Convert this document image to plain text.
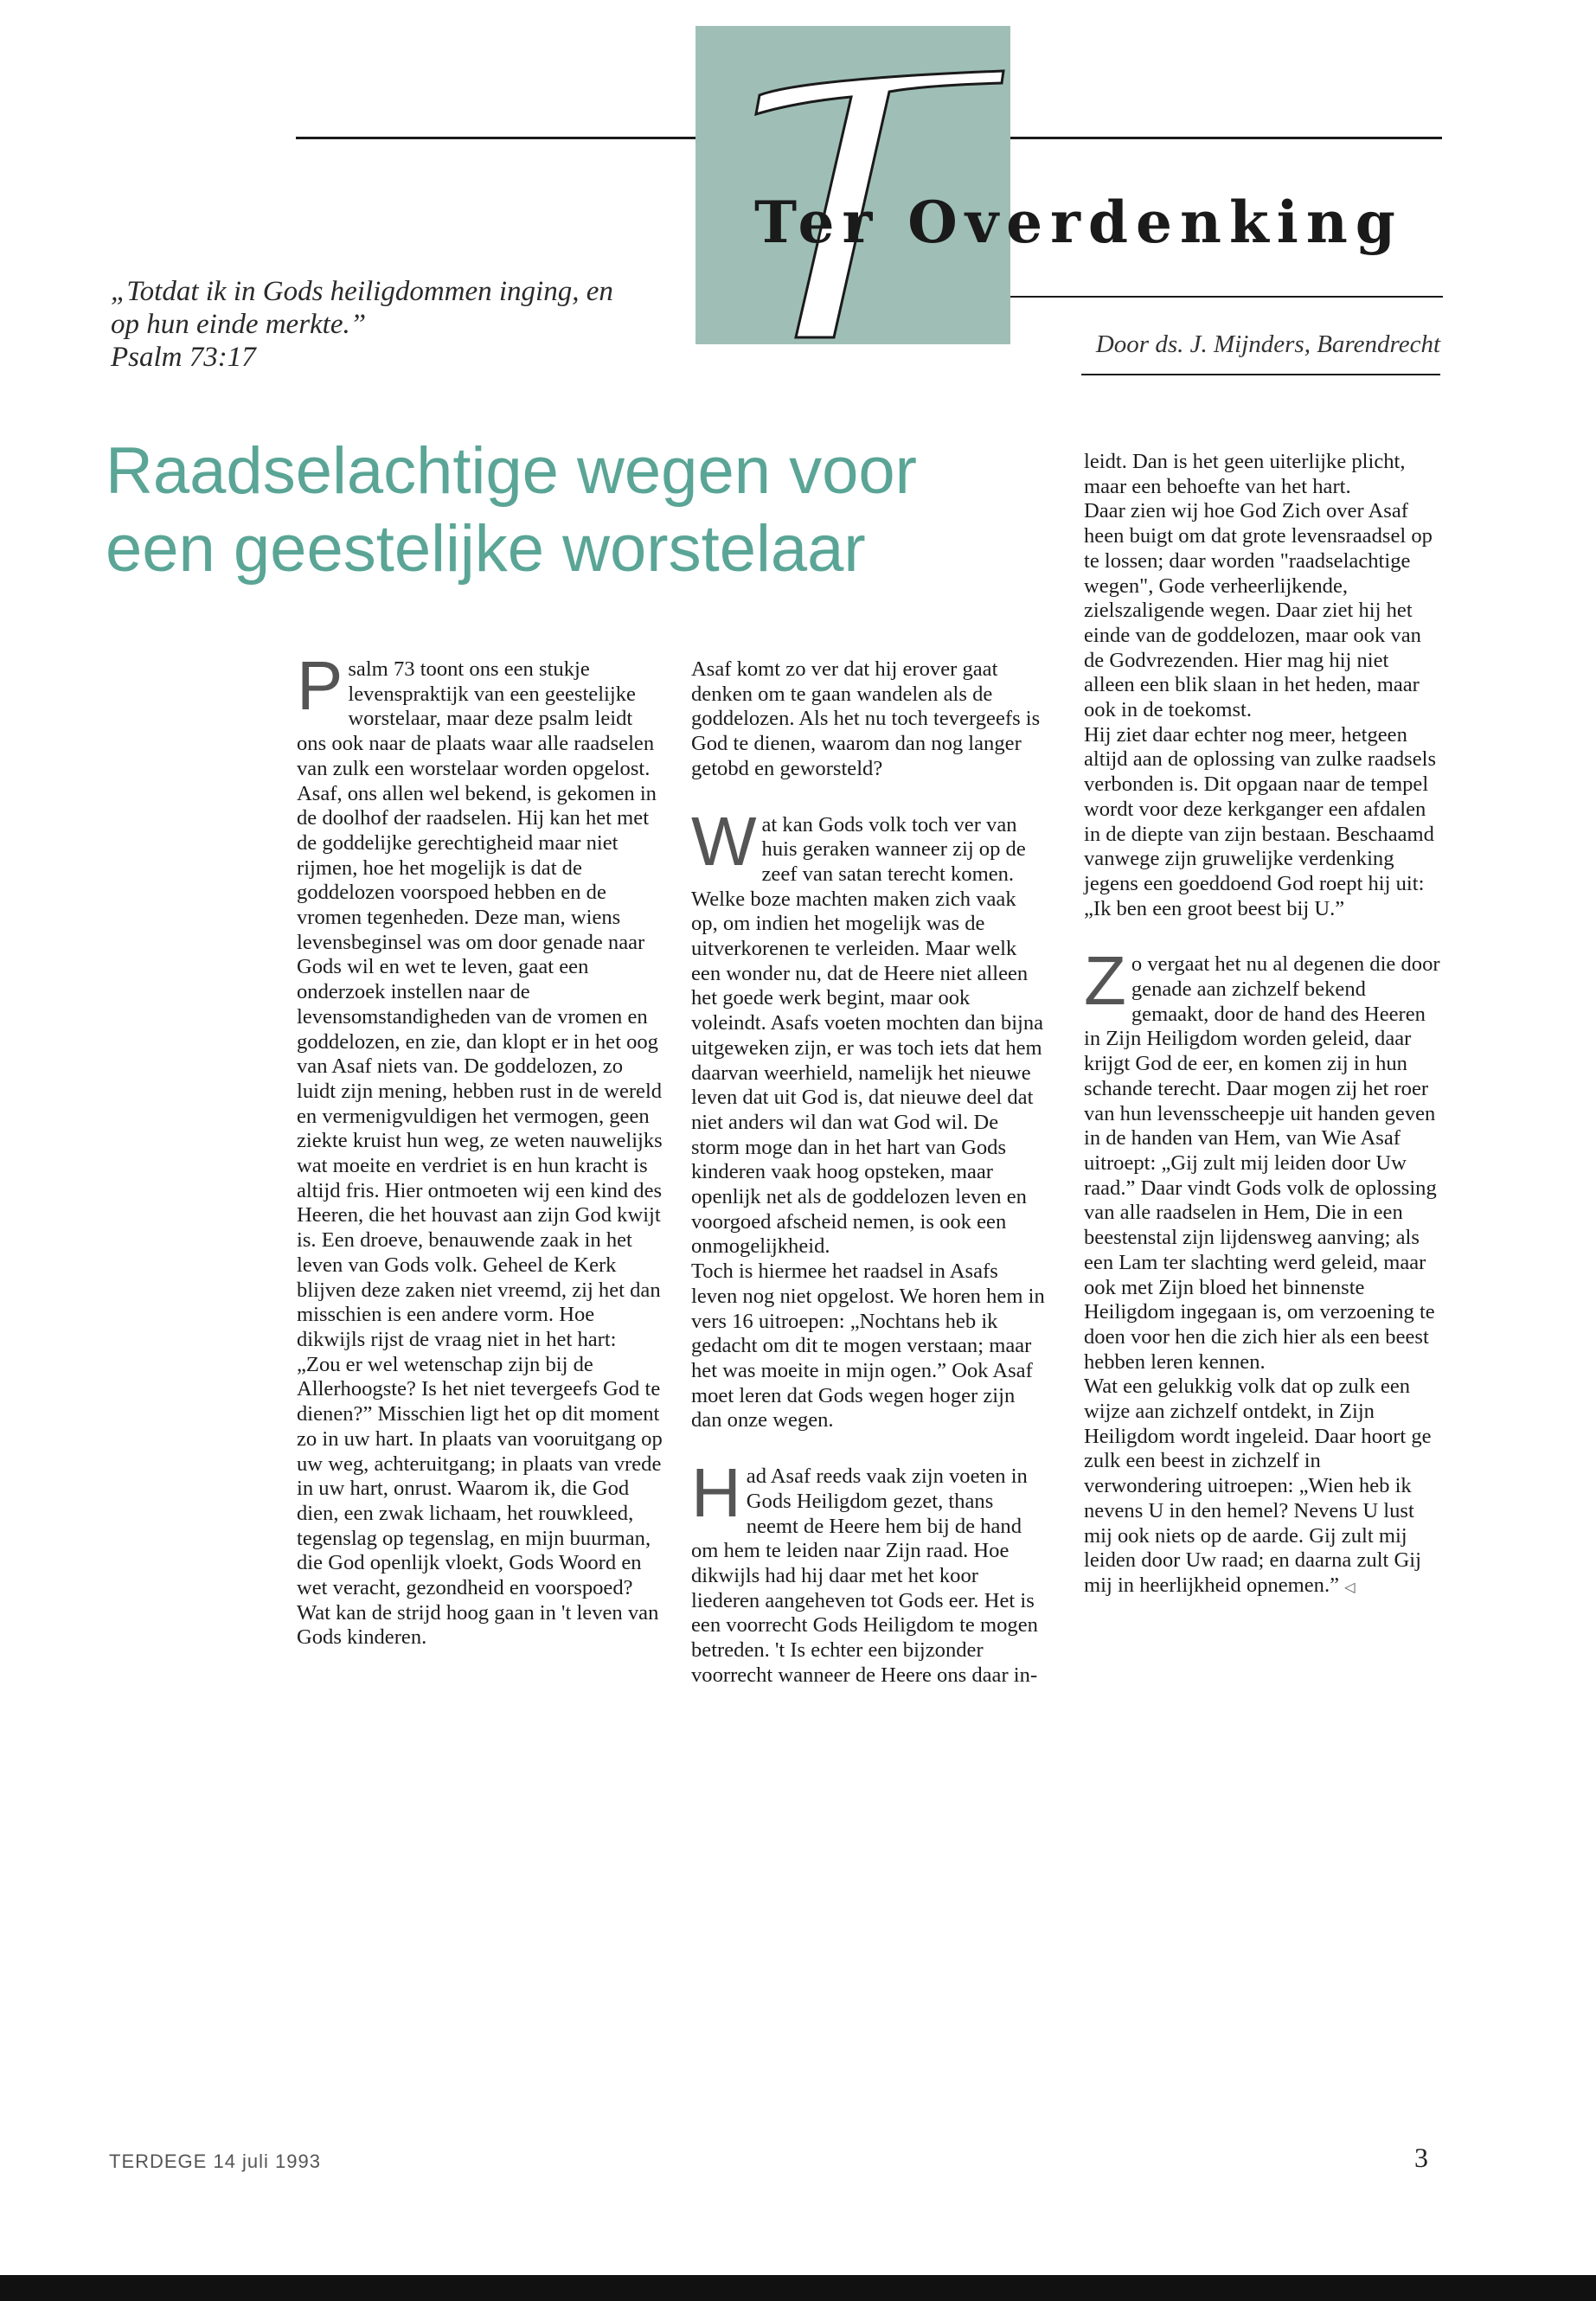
Ter Overdenking
„Totdat ik in Gods heiligdommen inging, en op hun einde merkte.”
Psalm 73:17	Door ds. J. Mijnders, Barendrecht
Raadselachtige wegen voor
een geestelijke worstelaar

Psalm 73 toont ons een stukje levenspraktijk van een geestelijke worstelaar, maar deze psalm leidt ons ook naar de plaats waar alle raadselen van zulk een worstelaar worden opgelost. Asaf, ons allen wel bekend, is gekomen in de doolhof der raadselen. Hij kan het met de goddelijke gerechtigheid maar niet rijmen, hoe het mogelijk is dat de goddelozen voorspoed hebben en de vromen tegenheden. Deze man, wiens levensbeginsel was om door genade naar Gods wil en wet te leven, gaat een onderzoek instellen naar de levensomstandigheden van de vromen en goddelozen, en zie, dan klopt er in het oog van Asaf niets van. De goddelozen, zo luidt zijn mening, hebben rust in de wereld en vermenigvuldigen het vermogen, geen ziekte kruist hun weg, ze weten nauwelijks wat moeite en verdriet is en hun kracht is altijd fris. Hier ontmoeten wij een kind des Heeren, die het houvast aan zijn God kwijt is. Een droeve, benauwende zaak in het leven van Gods volk. Geheel de Kerk blijven deze zaken niet vreemd, zij het dan misschien is een andere vorm. Hoe dikwijls rijst de vraag niet in het hart: „Zou er wel wetenschap zijn bij de Allerhoogste? Is het niet tevergeefs God te dienen?” Misschien ligt het op dit moment zo in uw hart. In plaats van vooruitgang op uw weg, achteruitgang; in plaats van vrede in uw hart, onrust. Waarom ik, die God dien, een zwak lichaam, het rouwkleed, tegenslag op tegenslag, en mijn buurman, die God openlijk vloekt, Gods Woord en wet veracht, gezondheid en voorspoed? Wat kan de strijd hoog gaan in 't leven van Gods kinderen.

Asaf komt zo ver dat hij erover gaat denken om te gaan wandelen als de goddelozen. Als het nu toch tevergeefs is God te dienen, waarom dan nog langer getobd en geworsteld?

Wat kan Gods volk toch ver van huis geraken wanneer zij op de zeef van satan terecht komen. Welke boze machten maken zich vaak op, om indien het mogelijk was de uitverkorenen te verleiden. Maar welk een wonder nu, dat de Heere niet alleen het goede werk begint, maar ook voleindt. Asafs voeten mochten dan bijna uitgeweken zijn, er was toch iets dat hem daarvan weerhield, namelijk het nieuwe leven dat uit God is, dat nieuwe deel dat niet anders wil dan wat God wil. De storm moge dan in het hart van Gods kinderen vaak hoog opsteken, maar openlijk net als de goddelozen leven en voorgoed afscheid nemen, is ook een onmogelijkheid.

Toch is hiermee het raadsel in Asafs leven nog niet opgelost. We horen hem in vers 16 uitroepen: „Nochtans heb ik gedacht om dit te mogen verstaan; maar het was moeite in mijn ogen.” Ook Asaf moet leren dat Gods wegen hoger zijn dan onze wegen.

Had Asaf reeds vaak zijn voeten in Gods Heiligdom gezet, thans neemt de Heere hem bij de hand om hem te leiden naar Zijn raad. Hoe dikwijls had hij daar met het koor liederen aangeheven tot Gods eer. Het is een voorrecht Gods Heiligdom te mogen betreden. 't Is echter een bijzonder voorrecht wanneer de Heere ons daar in-

leidt. Dan is het geen uiterlijke plicht, maar een behoefte van het hart.

Daar zien wij hoe God Zich over Asaf heen buigt om dat grote levensraadsel op te lossen; daar worden "raadselachtige wegen", Gode verheerlijkende, zielszaligende wegen. Daar ziet hij het einde van de goddelozen, maar ook van de Godvrezenden. Hier mag hij niet alleen een blik slaan in het heden, maar ook in de toekomst.

Hij ziet daar echter nog meer, hetgeen altijd aan de oplossing van zulke raadsels verbonden is. Dit opgaan naar de tempel wordt voor deze kerkganger een afdalen in de diepte van zijn bestaan. Beschaamd vanwege zijn gruwelijke verdenking jegens een goeddoend God roept hij uit: „Ik ben een groot beest bij U.”

Zo vergaat het nu al degenen die door genade aan zichzelf bekend gemaakt, door de hand des Heeren in Zijn Heiligdom worden geleid, daar krijgt God de eer, en komen zij in hun schande terecht. Daar mogen zij het roer van hun levensscheepje uit handen geven in de handen van Hem, van Wie Asaf uitroept: „Gij zult mij leiden door Uw raad.” Daar vindt Gods volk de oplossing van alle raadselen in Hem, Die in een beestenstal zijn lijdensweg aanving; als een Lam ter slachting werd geleid, maar ook met Zijn bloed het binnenste Heiligdom ingegaan is, om verzoening te doen voor hen die zich hier als een beest hebben leren kennen.

Wat een gelukkig volk dat op zulk een wijze aan zichzelf ontdekt, in Zijn Heiligdom wordt ingeleid. Daar hoort ge zulk een beest in zichzelf in verwondering uitroepen: „Wien heb ik nevens U in den hemel? Nevens U lust mij ook niets op de aarde. Gij zult mij leiden door Uw raad; en daarna zult Gij mij in heerlijkheid opnemen.” ◁

TERDEGE 14 juli 1993	3
